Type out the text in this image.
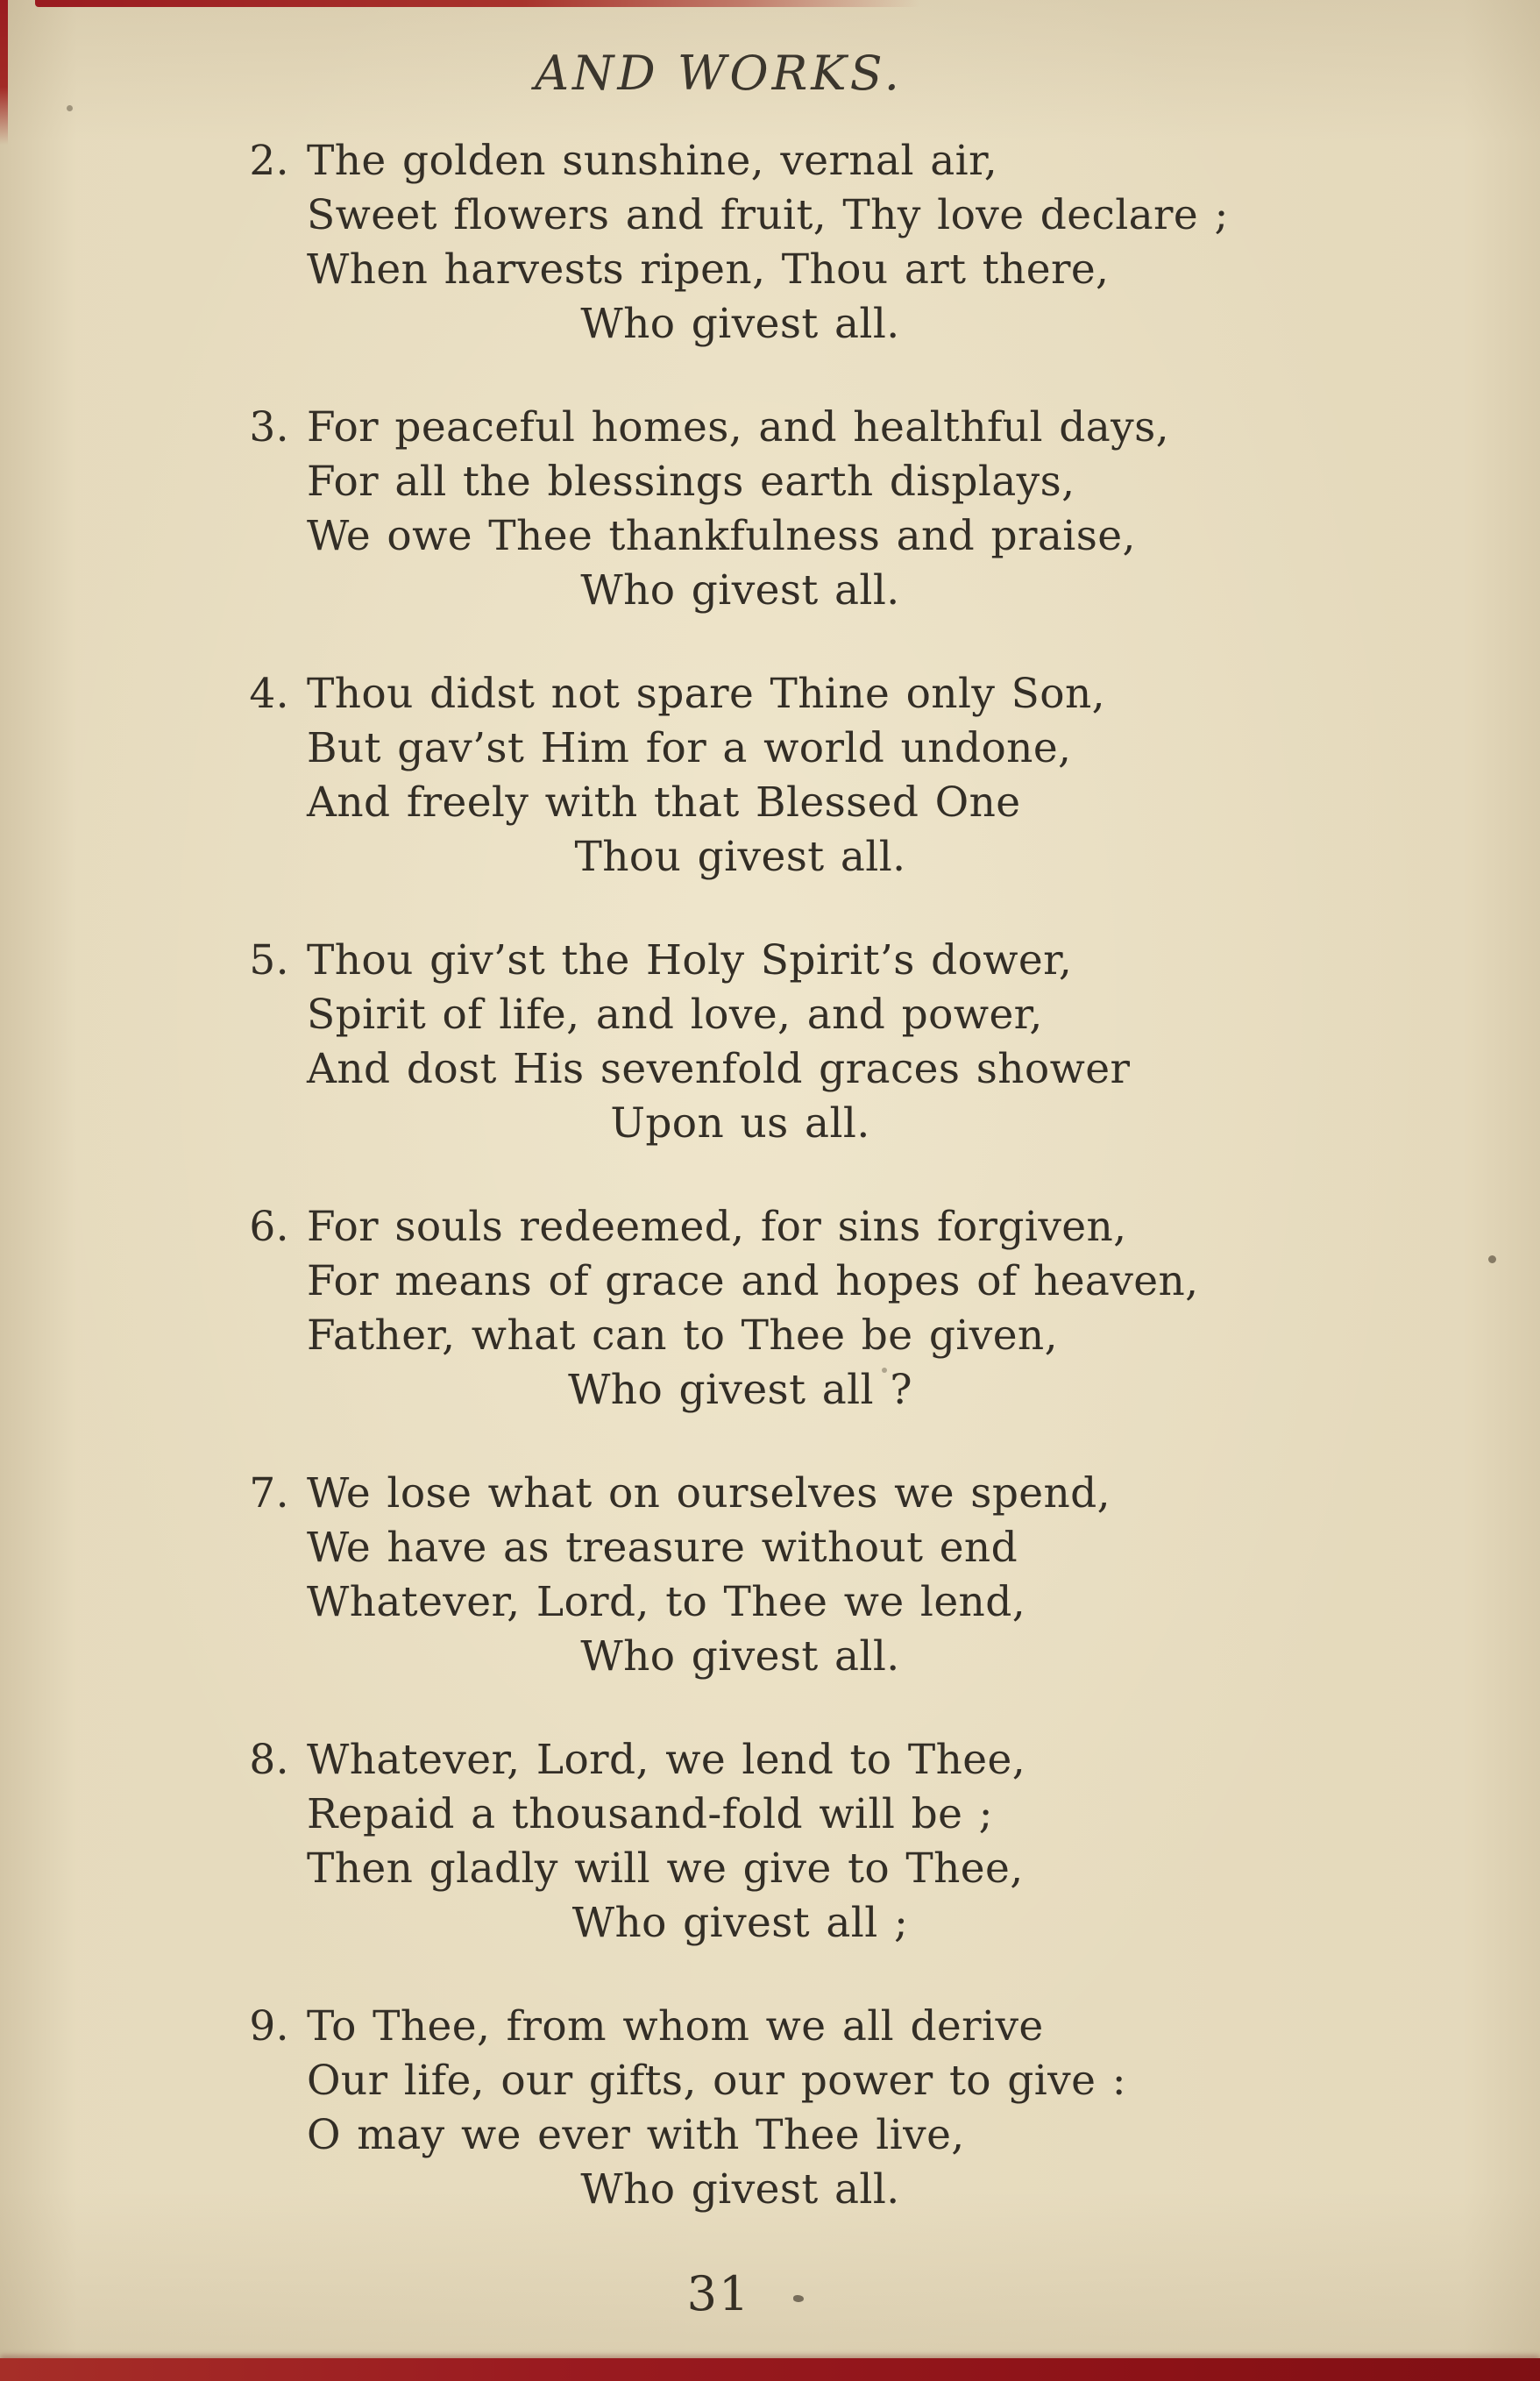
AND WORKS.
2. The golden sunshine, vernal air,
Sweet flowers and fruit, Thy love declare ;
When harvests ripen, Thou art there,
Who givest all.
3. For peaceful homes, and healthful days,
For all the blessings earth displays,
We owe Thee thankfulness and praise,
Who givest all.
4. Thou didst not spare Thine only Son,
But gav’st Him for a world undone,
And freely with that Blessed One
Thou givest all.
5. Thou giv’st the Holy Spirit’s dower,
Spirit of life, and love, and power,
And dost His sevenfold graces shower
Upon us all.
6. For souls redeemed, for sins forgiven,
For means of grace and hopes of heaven,
Father, what can to Thee be given,
Who givest all ?
7. We lose what on ourselves we spend,
We have as treasure without end
Whatever, Lord, to Thee we lend,
Who givest all.
8. Whatever, Lord, we lend to Thee,
Repaid a thousand-fold will be ;
Then gladly will we give to Thee,
Who givest all ;
9. To Thee, from whom we all derive
Our life, our gifts, our power to give :
O may we ever with Thee live,
Who givest all.
31
